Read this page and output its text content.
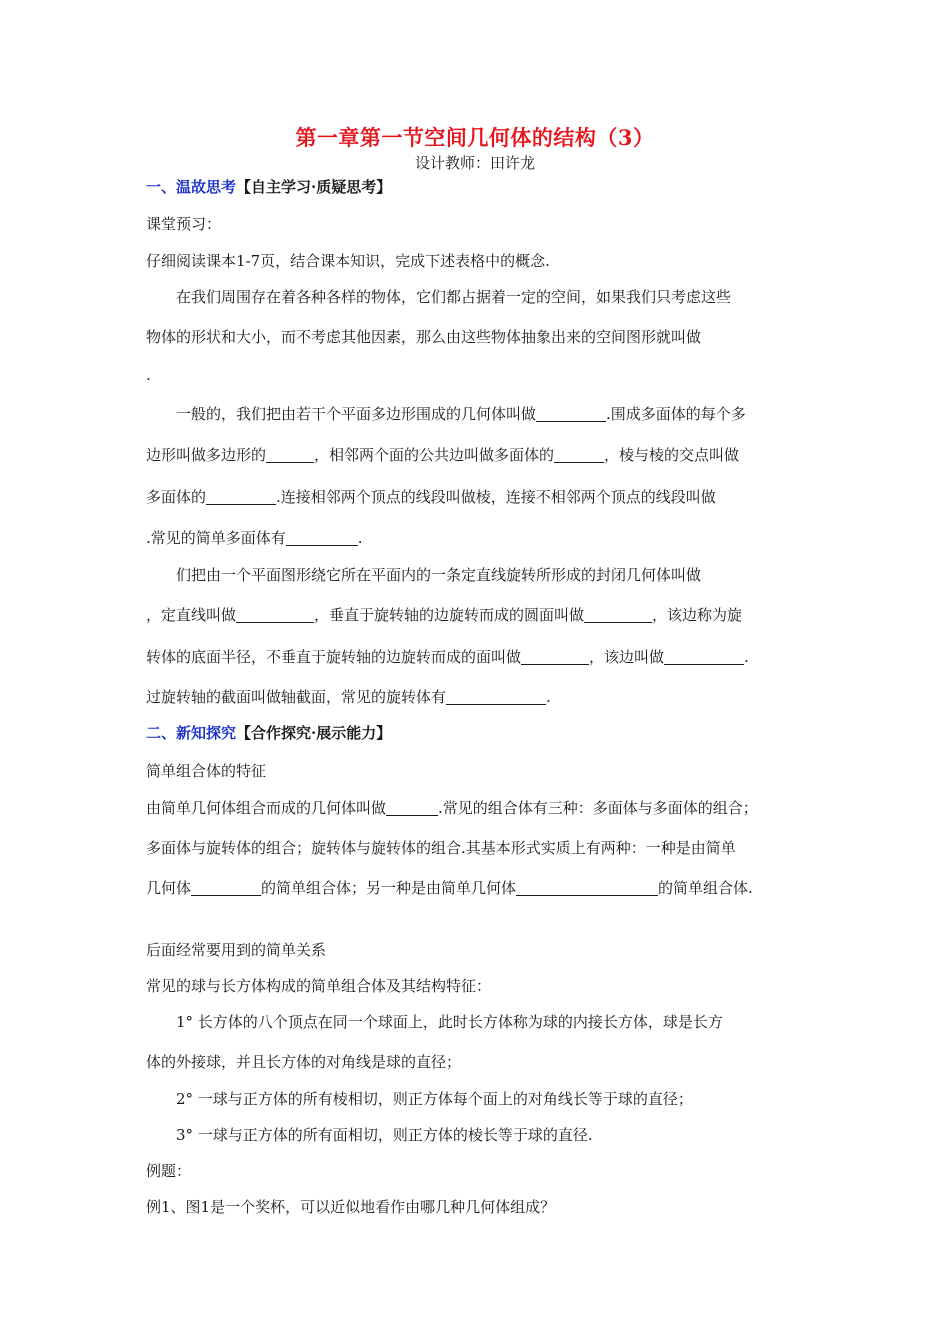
第一章第一节空间几何体的结构（3）
设计教师：田许龙
一、温故思考【自主学习·质疑思考】
课堂预习：
仔细阅读课本1-7页，结合课本知识，完成下述表格中的概念.
在我们周围存在着各种各样的物体，它们都占据着一定的空间，如果我们只考虑这些
物体的形状和大小，而不考虑其他因素，那么由这些物体抽象出来的空间图形就叫做
.
一般的，我们把由若干个平面多边形围成的几何体叫做	.围成多面体的每个多
边形叫做多边形的	，相邻两个面的公共边叫做多面体的	，棱与棱的交点叫做
多面体的	.连接相邻两个顶点的线段叫做棱，连接不相邻两个顶点的线段叫做
.常见的简单多面体有	.
们把由一个平面图形绕它所在平面内的一条定直线旋转所形成的封闭几何体叫做
，定直线叫做	，垂直于旋转轴的边旋转而成的圆面叫做	，该边称为旋
转体的底面半径，不垂直于旋转轴的边旋转而成的面叫做	，该边叫做	.
过旋转轴的截面叫做轴截面，常见的旋转体有	.
二、新知探究【合作探究·展示能力】
简单组合体的特征
由简单几何体组合而成的几何体叫做	.常见的组合体有三种：多面体与多面体的组合；
多面体与旋转体的组合；旋转体与旋转体的组合.其基本形式实质上有两种：一种是由简单
几何体	的简单组合体；另一种是由简单几何体	的简单组合体.
后面经常要用到的简单关系
常见的球与长方体构成的简单组合体及其结构特征：
1° 长方体的八个顶点在同一个球面上，此时长方体称为球的内接长方体，球是长方
体的外接球，并且长方体的对角线是球的直径；
2° 一球与正方体的所有棱相切，则正方体每个面上的对角线长等于球的直径；
3° 一球与正方体的所有面相切，则正方体的棱长等于球的直径.
例题：
例1、图1是一个奖杯，可以近似地看作由哪几种几何体组成？
